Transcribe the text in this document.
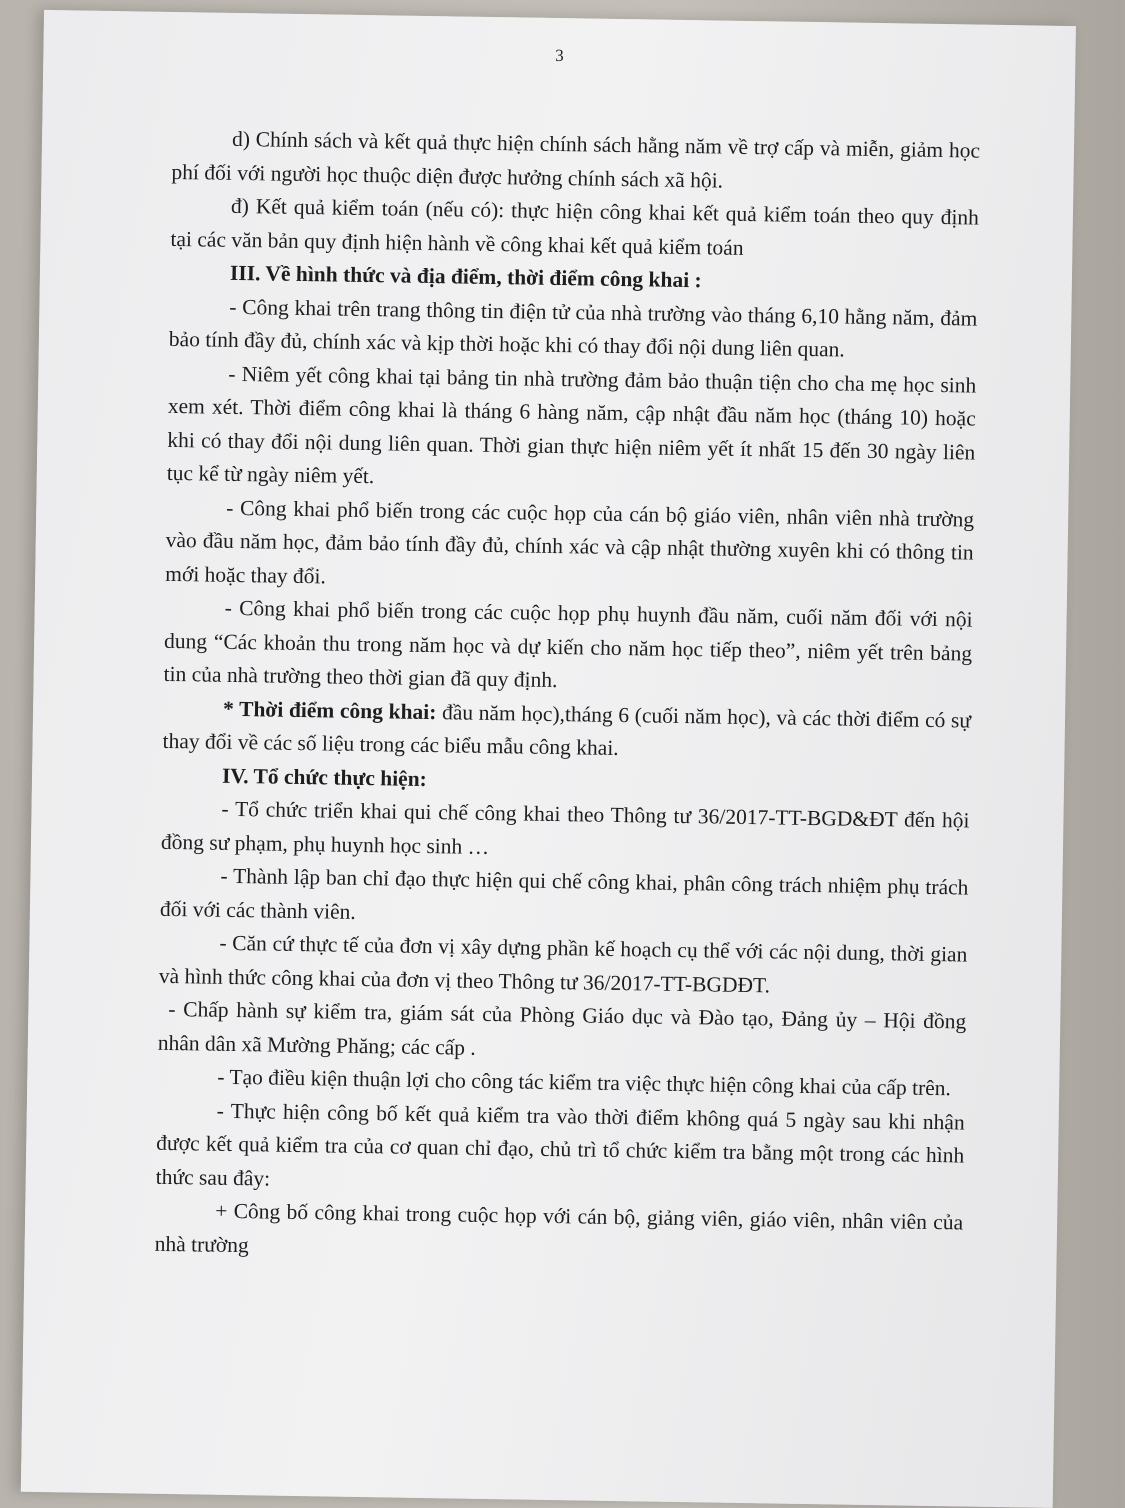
3

d) Chính sách và kết quả thực hiện chính sách hằng năm về trợ cấp và miễn, giảm học phí đối với người học thuộc diện được hưởng chính sách xã hội.

đ) Kết quả kiểm toán (nếu có): thực hiện công khai kết quả kiểm toán theo quy định tại các văn bản quy định hiện hành về công khai kết quả kiểm toán

III. Về hình thức và địa điểm, thời điểm công khai :

- Công khai trên trang thông tin điện tử của nhà trường vào tháng 6,10 hằng năm, đảm bảo tính đầy đủ, chính xác và kịp thời hoặc khi có thay đổi nội dung liên quan.

- Niêm yết công khai tại bảng tin nhà trường đảm bảo thuận tiện cho cha mẹ học sinh xem xét. Thời điểm công khai là tháng 6 hàng năm, cập nhật đầu năm học (tháng 10) hoặc khi có thay đổi nội dung liên quan. Thời gian thực hiện niêm yết ít nhất 15 đến 30 ngày liên tục kể từ ngày niêm yết.

- Công khai phổ biến trong các cuộc họp của cán bộ giáo viên, nhân viên nhà trường vào đầu năm học, đảm bảo tính đầy đủ, chính xác và cập nhật thường xuyên khi có thông tin mới hoặc thay đổi.

- Công khai phổ biến trong các cuộc họp phụ huynh đầu năm, cuối năm đối với nội dung “Các khoản thu trong năm học và dự kiến cho năm học tiếp theo”, niêm yết trên bảng tin của nhà trường theo thời gian đã quy định.

* Thời điểm công khai: đầu năm học),tháng 6 (cuối năm học), và các thời điểm có sự thay đổi về các số liệu trong các biểu mẫu công khai.

IV. Tổ chức thực hiện:

- Tổ chức triển khai qui chế công khai theo Thông tư 36/2017-TT-BGD&ĐT đến hội đồng sư phạm, phụ huynh học sinh …

- Thành lập ban chỉ đạo thực hiện qui chế công khai, phân công trách nhiệm phụ trách đối với các thành viên.

- Căn cứ thực tế của đơn vị xây dựng phần kế hoạch cụ thể với các nội dung, thời gian và hình thức công khai của đơn vị theo Thông tư 36/2017-TT-BGDĐT.

- Chấp hành sự kiểm tra, giám sát của Phòng Giáo dục và Đào tạo, Đảng ủy – Hội đồng nhân dân xã Mường Phăng; các cấp .

- Tạo điều kiện thuận lợi cho công tác kiểm tra việc thực hiện công khai của cấp trên.

- Thực hiện công bố kết quả kiểm tra vào thời điểm không quá 5 ngày sau khi nhận được kết quả kiểm tra của cơ quan chỉ đạo, chủ trì tổ chức kiểm tra bằng một trong các hình thức sau đây:

+ Công bố công khai trong cuộc họp với cán bộ, giảng viên, giáo viên, nhân viên của nhà trường
